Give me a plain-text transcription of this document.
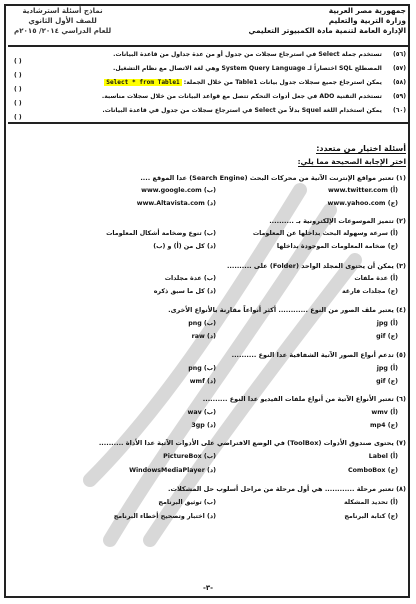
جمهورية مصر العربية
وزارة التربية والتعليم
الإدارة العامة لتنمية مادة الكمبيوتر التعليمي
نماذج أسئلة استرشادية
للصف الأول الثانوي
للعام الدراسي ٢٠١٤/ ٢٠١٥م
(٥٦) تستخدم جملة Select في استرجاع سجلات من جدول أو من عدة جداول من قاعدة البيانات.
( )
(٥٧) المصطلح SQL اختصاراً لـ System Query Language وهي لغة الاتصال مع نظام التشغيل.
( )
(٥٨) يمكن استرجاع جميع سجلات جدول بيانات Table1 من خلال الجملة: Select * from Table1
( )
(٥٩) تستخدم التقنية ADO في جعل أدوات التحكم تتصل مع قواعد البيانات من خلال سجلات مناسبة.
( )
(٦٠) يمكن استخدام اللغة Squel بدلاً من Select في استرجاع سجلات من جدول في قاعدة البيانات.
( )
أسئلة اختيار من متعدد:
اختر الإجابة الصحيحة مما يلي:
(١) تعتبر مواقع الإنترنت الآتية من محركات البحث (Search Engine) عدا الموقع ....
(أ) www.twitter.com
(ب) www.google.com
(ج) www.yahoo.com
(د) www.Altavista.com
(٢) تتميز الموسوعات الإلكترونية بـ ..........
(أ) سرعة وسهولة البحث بداخلها عن المعلومات
(ب) تنوع وضخامة أشكال المعلومات
(ج) ضخامة المعلومات الموجودة بداخلها
(د) كل من (أ) و (ب)
(٣) يمكن أن يحتوى المجلد الواحد (Folder) على ..........
(أ) عدة ملفات
(ب) عدة مجلدات
(ج) مجلدات فارغة
(د) كل ما سبق ذكره
(٤) يعتبر ملف الصور من النوع ............ أكثر أنواعاً مقارنة بالأنواع الأخرى.
(أ) jpg
(ب) png
(ج) gif
(د) raw
(٥) تدعم أنواع الصور الآتية الشفافية عدا النوع ..........
(أ) jpg
(ب) png
(ج) gif
(د) wmf
(٦) تعتبر الأنواع الآتية من أنواع ملفات الفيديو عدا النوع ..........
(أ) wmv
(ب) wav
(ج) mp4
(د) 3gp
(٧) يحتوى صندوق الأدوات (ToolBox) في الوضع الافتراضي على الأدوات الآتية عدا الأداة ..........
(أ) Label
(ب) PictureBox
(ج) ComboBox
(د) WindowsMediaPlayer
(٨) تعتبر مرحلة ............ هي أول مرحلة من مراحل أسلوب حل المشكلات.
(أ) تحديد المشكلة
(ب) توثيق البرنامج
(ج) كتابة البرنامج
(د) اختبار وتصحيح أخطاء البرنامج
-٣-
